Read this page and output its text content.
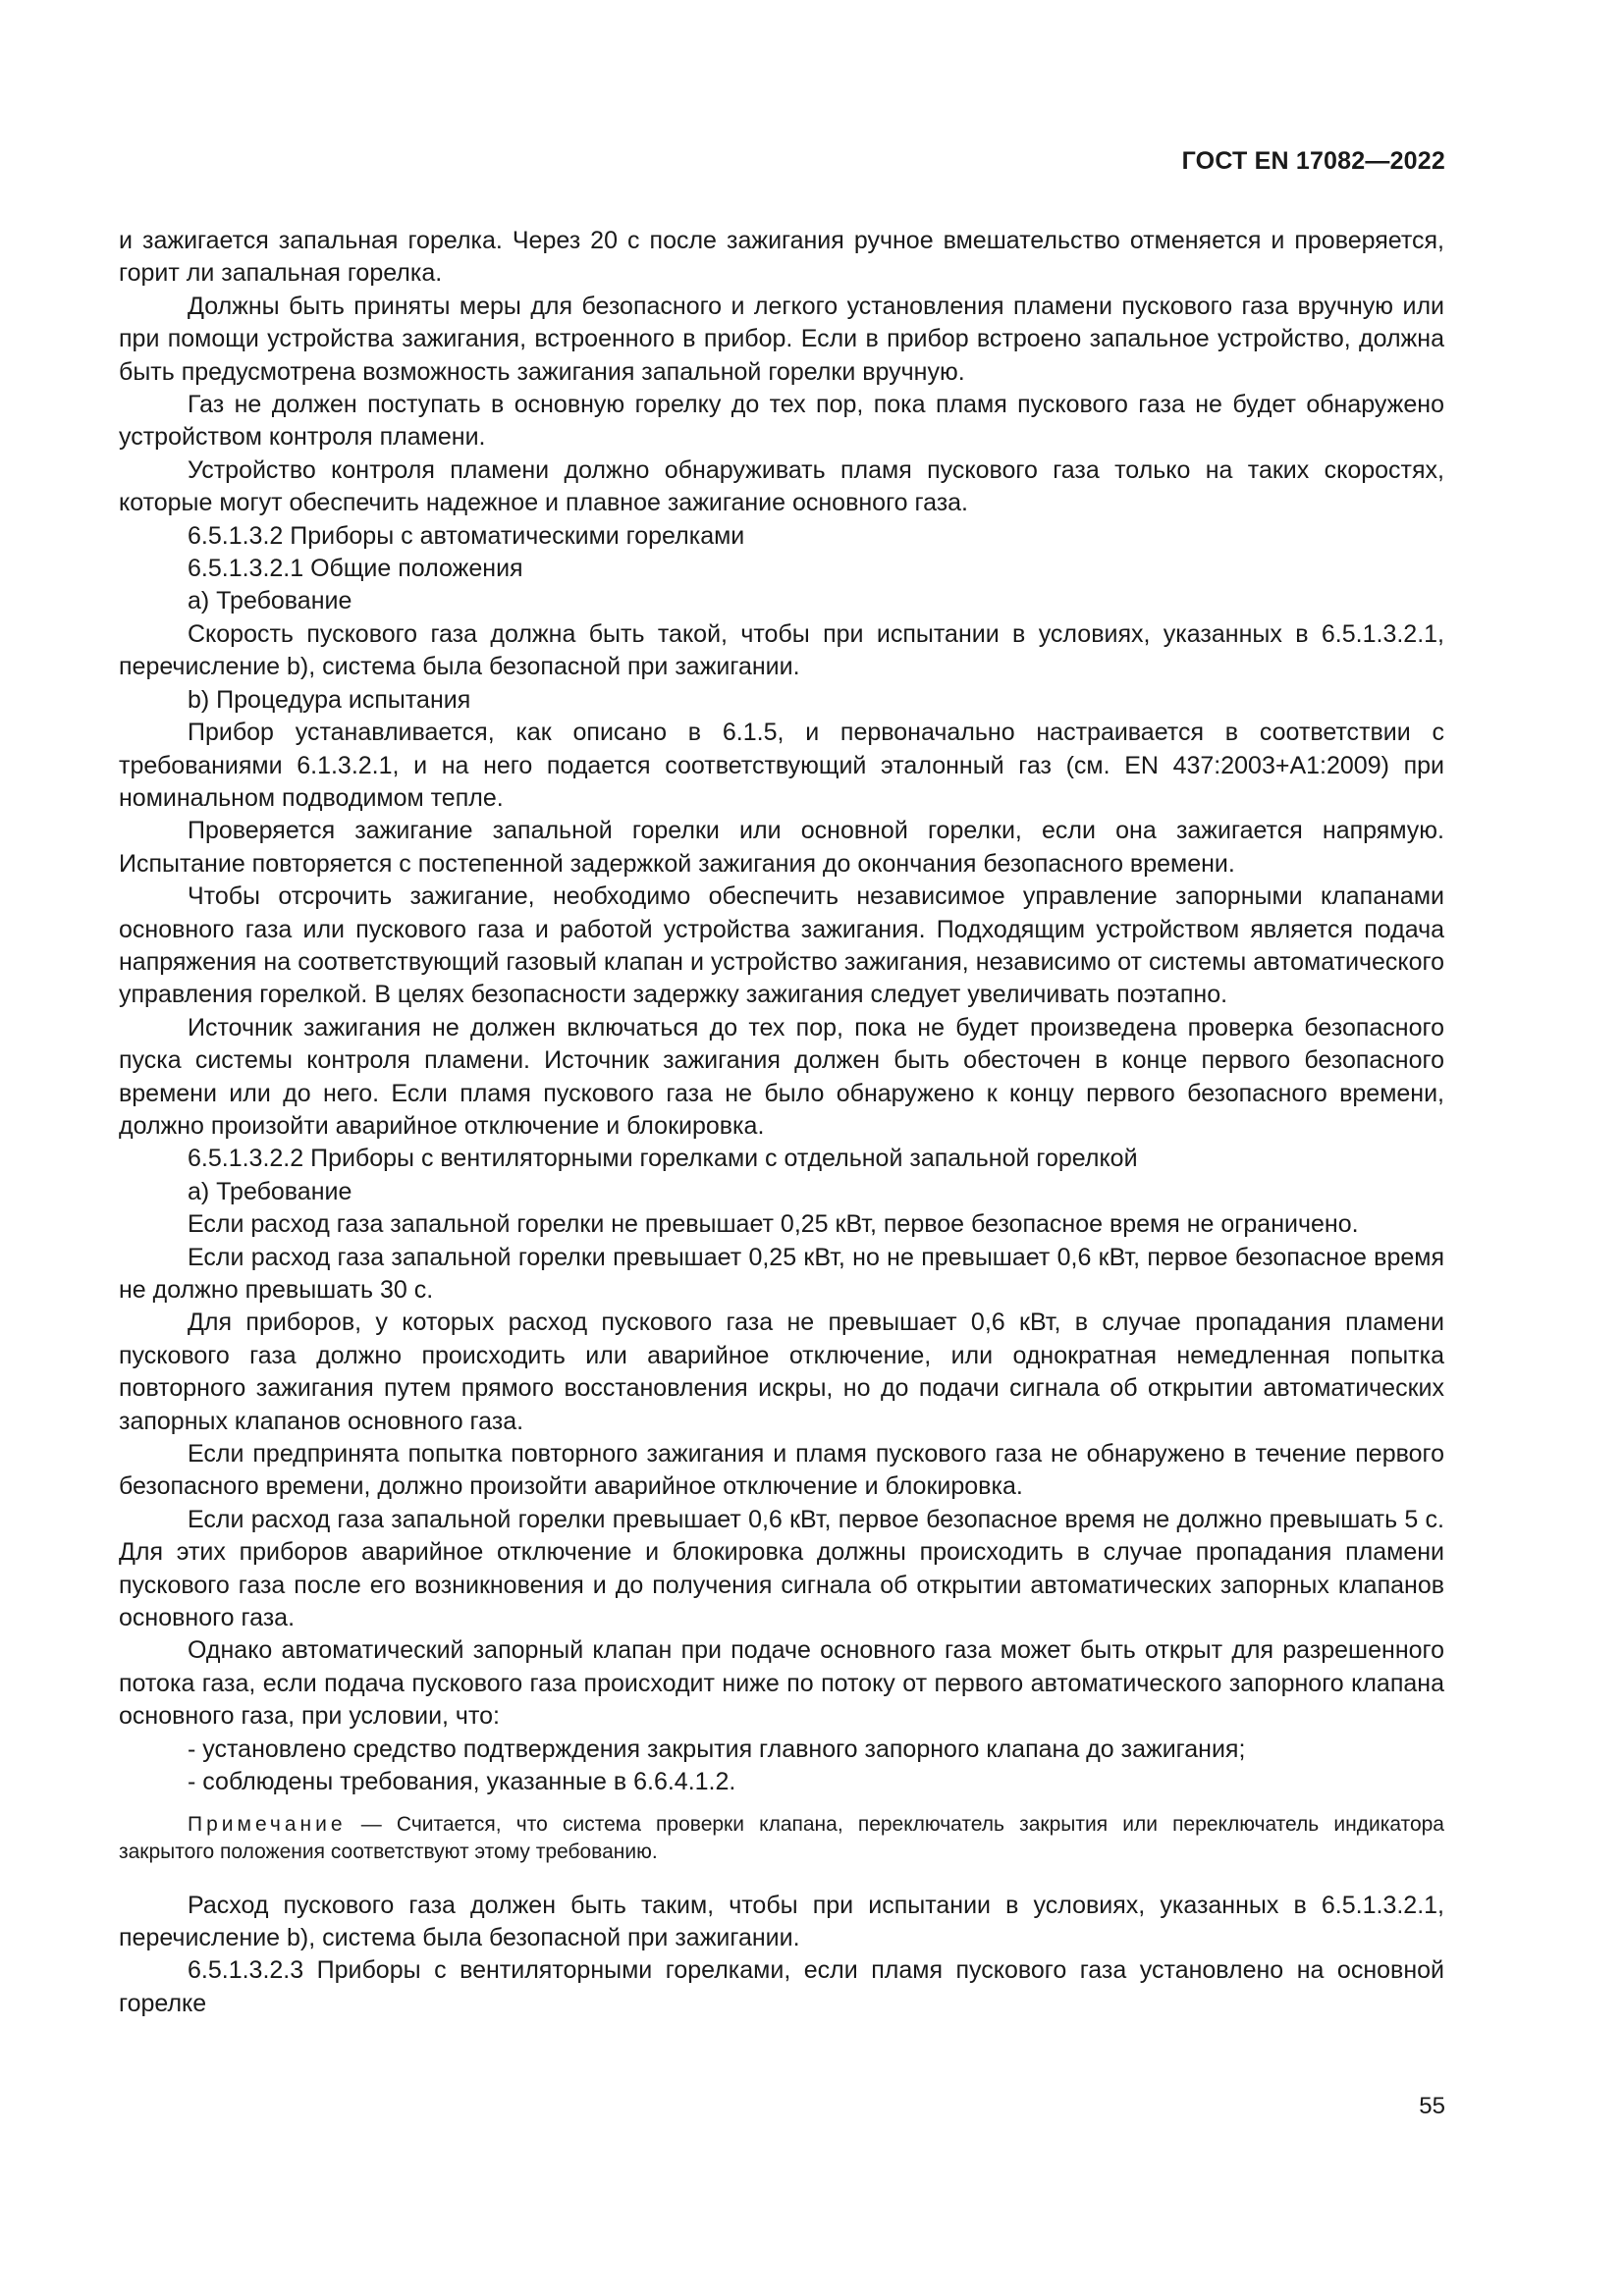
ГОСТ EN 17082—2022

и зажигается запальная горелка. Через 20 с после зажигания ручное вмешательство отменяется и проверяется, горит ли запальная горелка.

Должны быть приняты меры для безопасного и легкого установления пламени пускового газа вручную или при помощи устройства зажигания, встроенного в прибор. Если в прибор встроено запальное устройство, должна быть предусмотрена возможность зажигания запальной горелки вручную.

Газ не должен поступать в основную горелку до тех пор, пока пламя пускового газа не будет обнаружено устройством контроля пламени.

Устройство контроля пламени должно обнаруживать пламя пускового газа только на таких скоростях, которые могут обеспечить надежное и плавное зажигание основного газа.

6.5.1.3.2 Приборы с автоматическими горелками

6.5.1.3.2.1 Общие положения

a) Требование

Скорость пускового газа должна быть такой, чтобы при испытании в условиях, указанных в 6.5.1.3.2.1, перечисление b), система была безопасной при зажигании.

b) Процедура испытания

Прибор устанавливается, как описано в 6.1.5, и первоначально настраивается в соответствии с требованиями 6.1.3.2.1, и на него подается соответствующий эталонный газ (см. EN 437:2003+A1:2009) при номинальном подводимом тепле.

Проверяется зажигание запальной горелки или основной горелки, если она зажигается напрямую. Испытание повторяется с постепенной задержкой зажигания до окончания безопасного времени.

Чтобы отсрочить зажигание, необходимо обеспечить независимое управление запорными клапанами основного газа или пускового газа и работой устройства зажигания. Подходящим устройством является подача напряжения на соответствующий газовый клапан и устройство зажигания, независимо от системы автоматического управления горелкой. В целях безопасности задержку зажигания следует увеличивать поэтапно.

Источник зажигания не должен включаться до тех пор, пока не будет произведена проверка безопасного пуска системы контроля пламени. Источник зажигания должен быть обесточен в конце первого безопасного времени или до него. Если пламя пускового газа не было обнаружено к концу первого безопасного времени, должно произойти аварийное отключение и блокировка.

6.5.1.3.2.2 Приборы с вентиляторными горелками с отдельной запальной горелкой

a) Требование

Если расход газа запальной горелки не превышает 0,25 кВт, первое безопасное время не ограничено.

Если расход газа запальной горелки превышает 0,25 кВт, но не превышает 0,6 кВт, первое безопасное время не должно превышать 30 с.

Для приборов, у которых расход пускового газа не превышает 0,6 кВт, в случае пропадания пламени пускового газа должно происходить или аварийное отключение, или однократная немедленная попытка повторного зажигания путем прямого восстановления искры, но до подачи сигнала об открытии автоматических запорных клапанов основного газа.

Если предпринята попытка повторного зажигания и пламя пускового газа не обнаружено в течение первого безопасного времени, должно произойти аварийное отключение и блокировка.

Если расход газа запальной горелки превышает 0,6 кВт, первое безопасное время не должно превышать 5 с. Для этих приборов аварийное отключение и блокировка должны происходить в случае пропадания пламени пускового газа после его возникновения и до получения сигнала об открытии автоматических запорных клапанов основного газа.

Однако автоматический запорный клапан при подаче основного газа может быть открыт для разрешенного потока газа, если подача пускового газа происходит ниже по потоку от первого автоматического запорного клапана основного газа, при условии, что:

- установлено средство подтверждения закрытия главного запорного клапана до зажигания;

- соблюдены требования, указанные в 6.6.4.1.2.

Примечание — Считается, что система проверки клапана, переключатель закрытия или переключатель индикатора закрытого положения соответствуют этому требованию.

Расход пускового газа должен быть таким, чтобы при испытании в условиях, указанных в 6.5.1.3.2.1, перечисление b), система была безопасной при зажигании.

6.5.1.3.2.3 Приборы с вентиляторными горелками, если пламя пускового газа установлено на основной горелке

55
